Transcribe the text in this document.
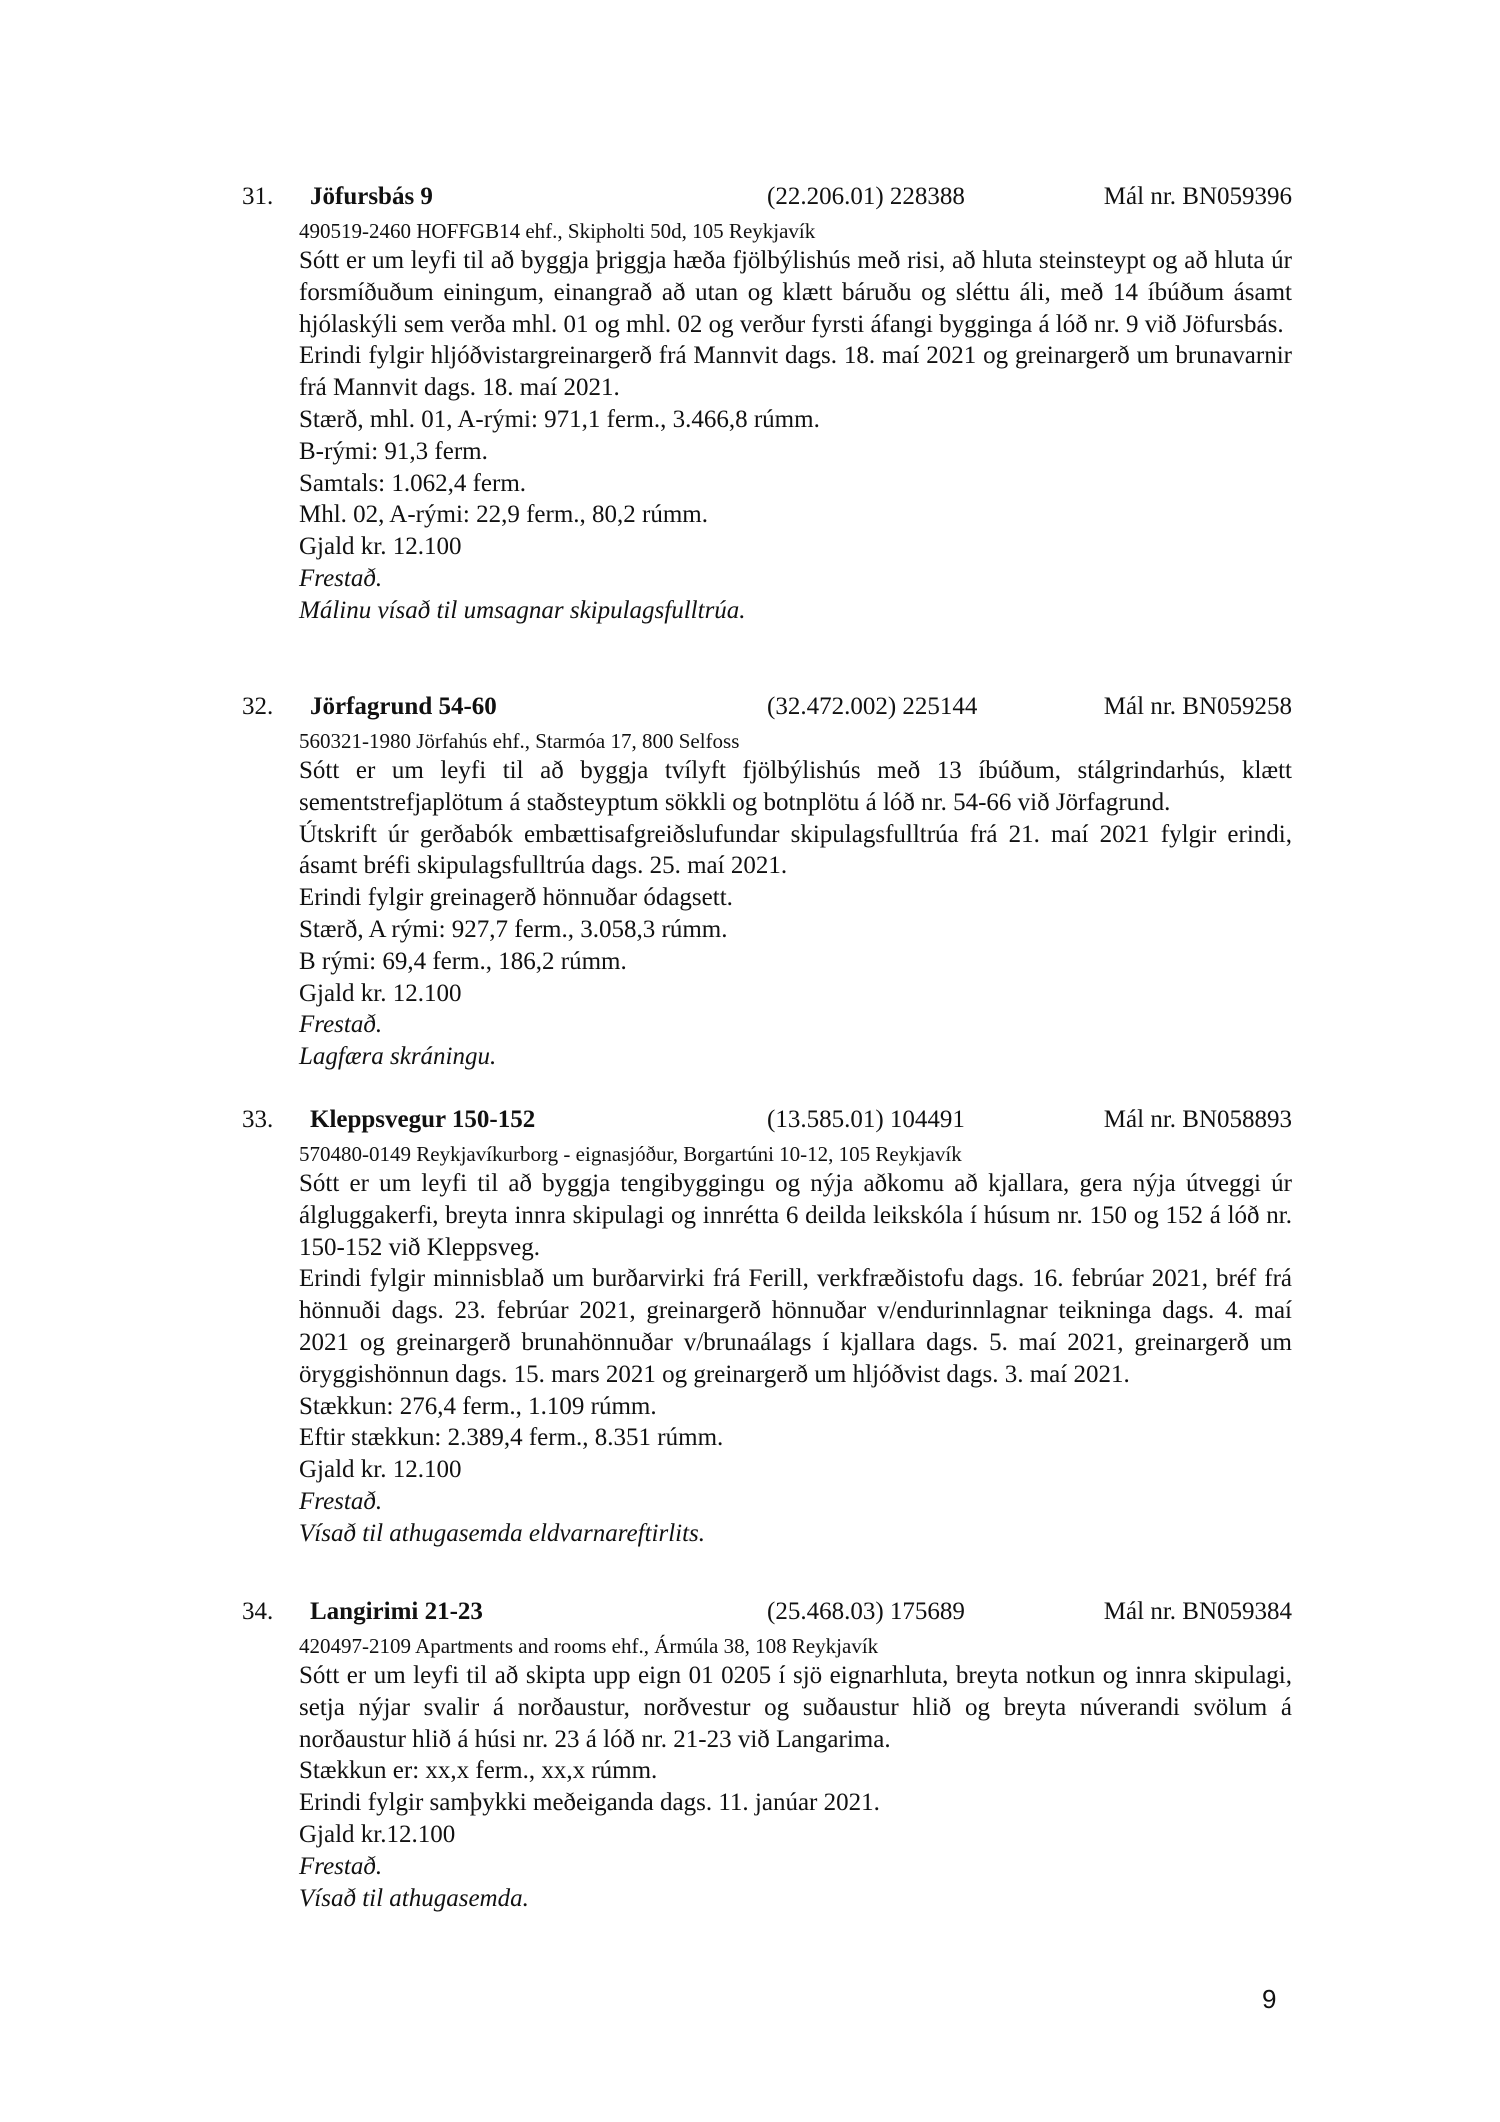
31. Jöfursbás 9	(22.206.01) 228388	Mál nr. BN059396
490519-2460 HOFFGB14 ehf., Skipholti 50d, 105 Reykjavík
Sótt er um leyfi til að byggja þriggja hæða fjölbýlishús með risi, að hluta steinsteypt og að hluta úr forsmíðuðum einingum, einangrað að utan og klætt báruðu og sléttu áli, með 14 íbúðum ásamt hjólaskýli sem verða mhl. 01 og mhl. 02 og verður fyrsti áfangi bygginga á lóð nr. 9 við Jöfursbás.
Erindi fylgir hljóðvistargreinargerð frá Mannvit dags. 18. maí 2021 og greinargerð um brunavarnir frá Mannvit dags. 18. maí 2021.
Stærð, mhl. 01, A-rými: 971,1 ferm., 3.466,8 rúmm.
B-rými: 91,3 ferm.
Samtals: 1.062,4 ferm.
Mhl. 02, A-rými: 22,9 ferm., 80,2 rúmm.
Gjald kr. 12.100
Frestað.
Málinu vísað til umsagnar skipulagsfulltrúa.
32. Jörfagrund 54-60	(32.472.002) 225144	Mál nr. BN059258
560321-1980 Jörfahús ehf., Starmóa 17, 800 Selfoss
Sótt er um leyfi til að byggja tvílyft fjölbýlishús með 13 íbúðum, stálgrindarhús, klætt sementstrefjaplötum á staðsteyptum sökkli og botnplötu á lóð nr. 54-66 við Jörfagrund.
Útskrift úr gerðabók embættisafgreiðslufundar skipulagsfulltrúa frá 21. maí 2021 fylgir erindi, ásamt bréfi skipulagsfulltrúa dags. 25. maí 2021.
Erindi fylgir greinagerð hönnuðar ódagsett.
Stærð, A rými: 927,7 ferm., 3.058,3 rúmm.
B rými: 69,4 ferm., 186,2 rúmm.
Gjald kr. 12.100
Frestað.
Lagfæra skráningu.
33. Kleppsvegur 150-152	(13.585.01) 104491	Mál nr. BN058893
570480-0149 Reykjavíkurborg - eignasjóður, Borgartúni 10-12, 105 Reykjavík
Sótt er um leyfi til að byggja tengibyggingu og nýja aðkomu að kjallara, gera nýja útveggi úr álgluggakerfi, breyta innra skipulagi og innrétta 6 deilda leikskóla í húsum nr. 150 og 152 á lóð nr. 150-152 við Kleppsveg.
Erindi fylgir minnisblað um burðarvirki frá Ferill, verkfræðistofu dags. 16. febrúar 2021, bréf frá hönnuði dags. 23. febrúar 2021, greinargerð hönnuðar v/endurinnlagnar teikninga dags. 4. maí 2021 og greinargerð brunahönnuðar v/brunaálags í kjallara dags. 5. maí 2021, greinargerð um öryggishönnun dags. 15. mars 2021 og greinargerð um hljóðvist dags. 3. maí 2021.
Stækkun: 276,4 ferm., 1.109 rúmm.
Eftir stækkun: 2.389,4 ferm., 8.351 rúmm.
Gjald kr. 12.100
Frestað.
Vísað til athugasemda eldvarnareftirlits.
34. Langirimi 21-23	(25.468.03) 175689	Mál nr. BN059384
420497-2109 Apartments and rooms ehf., Ármúla 38, 108 Reykjavík
Sótt er um leyfi til að skipta upp eign 01 0205 í sjö eignarhluta, breyta notkun og innra skipulagi, setja nýjar svalir á norðaustur, norðvestur og suðaustur hlið og breyta núverandi svölum á norðaustur hlið á húsi nr. 23 á lóð nr. 21-23 við Langarima.
Stækkun er: xx,x ferm., xx,x rúmm.
Erindi fylgir samþykki meðeiganda dags. 11. janúar 2021.
Gjald kr.12.100
Frestað.
Vísað til athugasemda.
9
